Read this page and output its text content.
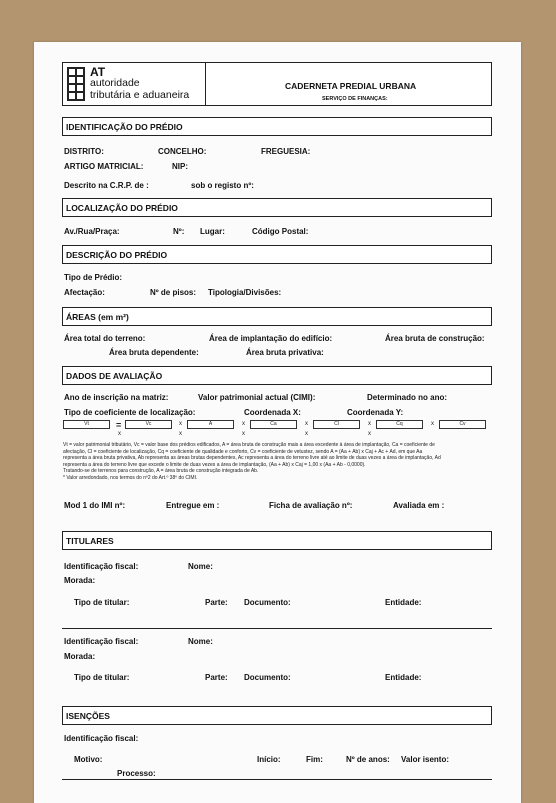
AT
autoridade
tributária e aduaneira
CADERNETA PREDIAL URBANA
SERVIÇO DE FINANÇAS:
IDENTIFICAÇÃO DO PRÉDIO
DISTRITO:	CONCELHO:	FREGUESIA:
ARTIGO MATRICIAL:	NIP:
Descrito na C.R.P. de :	sob o registo nº:
LOCALIZAÇÃO DO PRÉDIO
Av./Rua/Praça:	Nº: Lugar:	Código Postal:
DESCRIÇÃO DO PRÉDIO
Tipo de Prédio:
Afectação:	Nº de pisos: Tipologia/Divisões:
ÁREAS (em m²)
Área total do terreno:	Área de implantação do edifício:	Área bruta de construção:
Área bruta dependente:	Área bruta privativa:
DADOS DE AVALIAÇÃO
Ano de inscrição na matriz:	Valor patrimonial actual (CIMI):	Determinado no ano:
Tipo de coeficiente de localização:	Coordenada X:	Coordenada Y:
Vt	=	Vc	x	A	x	Ca	x	Cl	x	Cq	x	Cv
x	x	x	x	x
Vt = valor patrimonial tributário, Vc = valor base dos prédios edificados, A = área bruta de construção mais a área excedente à área de implantação, Ca = coeficiente de
afectação, Cl = coeficiente de localização, Cq = coeficiente de qualidade e conforto, Cv = coeficiente de vetustez, sendo A = (Aa + Ab) x Caj + Ac + Ad, em que Aa
representa a área bruta privativa, Ab representa as áreas brutas dependentes, Ac representa a área do terreno livre até ao limite de duas vezes a área de implantação, Ad
representa a área do terreno livre que excede o limite de duas vezes a área de implantação, (Aa + Ab) x Caj = 1,00 x (Aa + Ab - 0,0000).
Tratando-se de terrenos para construção, A = área bruta de construção integrada de Ab.
* Valor arredondado, nos termos do nº2 do Art.º 38º do CIMI.
Mod 1 do IMI nº:	Entregue em :	Ficha de avaliação nº:	Avaliada em :
TITULARES
Identificação fiscal:	Nome:
Morada:
Tipo de titular:	Parte: Documento:	Entidade:
Identificação fiscal:	Nome:
Morada:
Tipo de titular:	Parte: Documento:	Entidade:
ISENÇÕES
Identificação fiscal:
Motivo:	Início:	Fim:	Nº de anos: Valor isento:
Processo:
